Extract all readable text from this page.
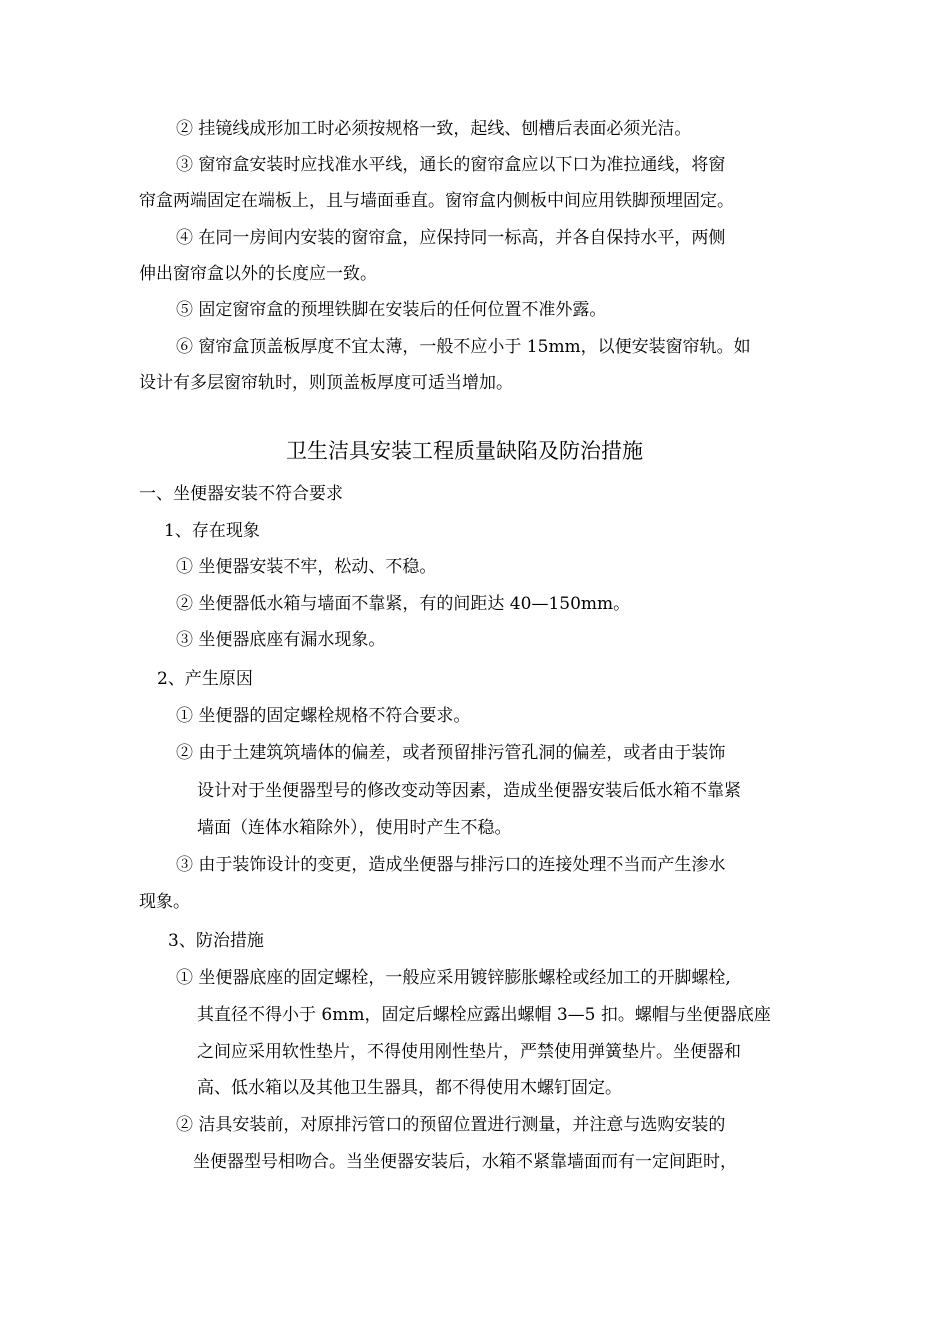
② 挂镜线成形加工时必须按规格一致，起线、刨槽后表面必须光洁。

③ 窗帘盒安装时应找准水平线，通长的窗帘盒应以下口为准拉通线，将窗

帘盒两端固定在端板上，且与墙面垂直。窗帘盒内侧板中间应用铁脚预埋固定。

④ 在同一房间内安装的窗帘盒，应保持同一标高，并各自保持水平，两侧

伸出窗帘盒以外的长度应一致。

⑤ 固定窗帘盒的预埋铁脚在安装后的任何位置不准外露。

⑥ 窗帘盒顶盖板厚度不宜太薄，一般不应小于 15mm，以便安装窗帘轨。如

设计有多层窗帘轨时，则顶盖板厚度可适当增加。

卫生洁具安装工程质量缺陷及防治措施

一、坐便器安装不符合要求

1、存在现象

① 坐便器安装不牢，松动、不稳。

② 坐便器低水箱与墙面不靠紧，有的间距达 40—150mm。

③ 坐便器底座有漏水现象。

2、产生原因

① 坐便器的固定螺栓规格不符合要求。

② 由于土建筑筑墙体的偏差，或者预留排污管孔洞的偏差，或者由于装饰

设计对于坐便器型号的修改变动等因素，造成坐便器安装后低水箱不靠紧

墙面（连体水箱除外），使用时产生不稳。

③ 由于装饰设计的变更，造成坐便器与排污口的连接处理不当而产生渗水

现象。

3、防治措施

① 坐便器底座的固定螺栓，一般应采用镀锌膨胀螺栓或经加工的开脚螺栓,

其直径不得小于 6mm，固定后螺栓应露出螺帽 3—5 扣。螺帽与坐便器底座

之间应采用软性垫片，不得使用刚性垫片，严禁使用弹簧垫片。坐便器和

高、低水箱以及其他卫生器具，都不得使用木螺钉固定。

② 洁具安装前，对原排污管口的预留位置进行测量，并注意与选购安装的

坐便器型号相吻合。当坐便器安装后，水箱不紧靠墙面而有一定间距时，
